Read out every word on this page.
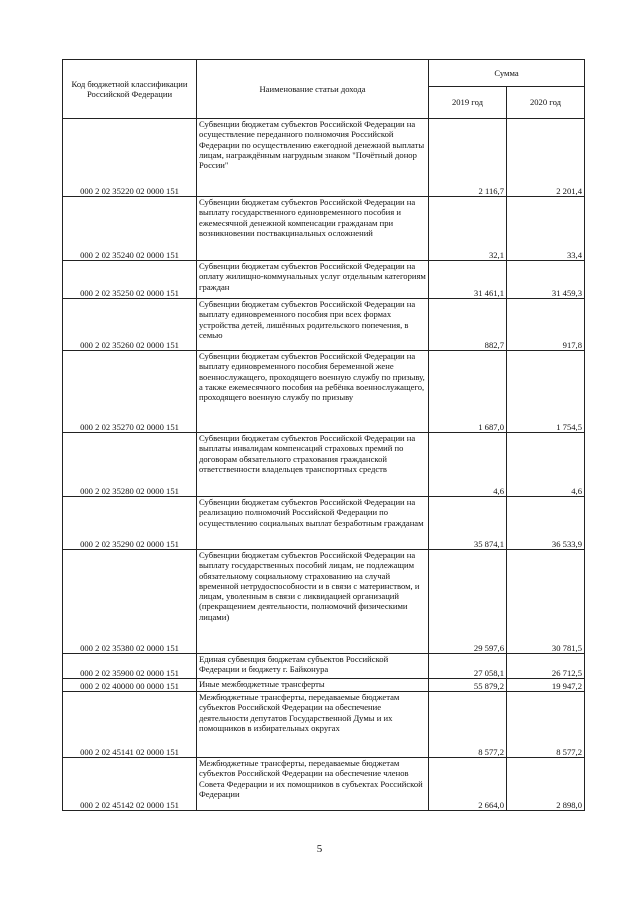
Код бюджетной классификации Российской Федерации	Наименование статьи дохода	Сумма	
		2019 год	2020 год
000 2 02 35220 02 0000 151	Субвенции бюджетам субъектов Российской Федерации на осуществление переданного полномочия Российской Федерации по осуществлению ежегодной денежной выплаты лицам, награждённым нагрудным знаком "Почётный донор России"	2 116,7	2 201,4
000 2 02 35240 02 0000 151	Субвенции бюджетам субъектов Российской Федерации на выплату государственного единовременного пособия и ежемесячной денежной компенсации гражданам при возникновении поствакцинальных осложнений	32,1	33,4
000 2 02 35250 02 0000 151	Субвенции бюджетам субъектов Российской Федерации на оплату жилищно-коммунальных услуг отдельным категориям граждан	31 461,1	31 459,3
000 2 02 35260 02 0000 151	Субвенции бюджетам субъектов Российской Федерации на выплату единовременного пособия при всех формах устройства детей, лишённых родительского попечения, в семью	882,7	917,8
000 2 02 35270 02 0000 151	Субвенции бюджетам субъектов Российской Федерации на выплату единовременного пособия беременной жене военнослужащего, проходящего военную службу по призыву, а также ежемесячного пособия на ребёнка военнослужащего, проходящего военную службу по призыву	1 687,0	1 754,5
000 2 02 35280 02 0000 151	Субвенции бюджетам субъектов Российской Федерации на выплаты инвалидам компенсаций страховых премий по договорам обязательного страхования гражданской ответственности владельцев транспортных средств	4,6	4,6
000 2 02 35290 02 0000 151	Субвенции бюджетам субъектов Российской Федерации на реализацию полномочий Российской Федерации по осуществлению социальных выплат безработным гражданам	35 874,1	36 533,9
000 2 02 35380 02 0000 151	Субвенции бюджетам субъектов Российской Федерации на выплату государственных пособий лицам, не подлежащим обязательному социальному страхованию на случай временной нетрудоспособности и в связи с материнством, и лицам, уволенным в связи с ликвидацией организаций (прекращением деятельности, полномочий физическими лицами)	29 597,6	30 781,5
000 2 02 35900 02 0000 151	Единая субвенция бюджетам субъектов Российской Федерации и бюджету г. Байконура	27 058,1	26 712,5
000 2 02 40000 00 0000 151	Иные межбюджетные трансферты	55 879,2	19 947,2
000 2 02 45141 02 0000 151	Межбюджетные трансферты, передаваемые бюджетам субъектов Российской Федерации на обеспечение деятельности депутатов Государственной Думы и их помощников в избирательных округах	8 577,2	8 577,2
000 2 02 45142 02 0000 151	Межбюджетные трансферты, передаваемые бюджетам субъектов Российской Федерации на обеспечение членов Совета Федерации и их помощников в субъектах Российской Федерации	2 664,0	2 898,0
5
